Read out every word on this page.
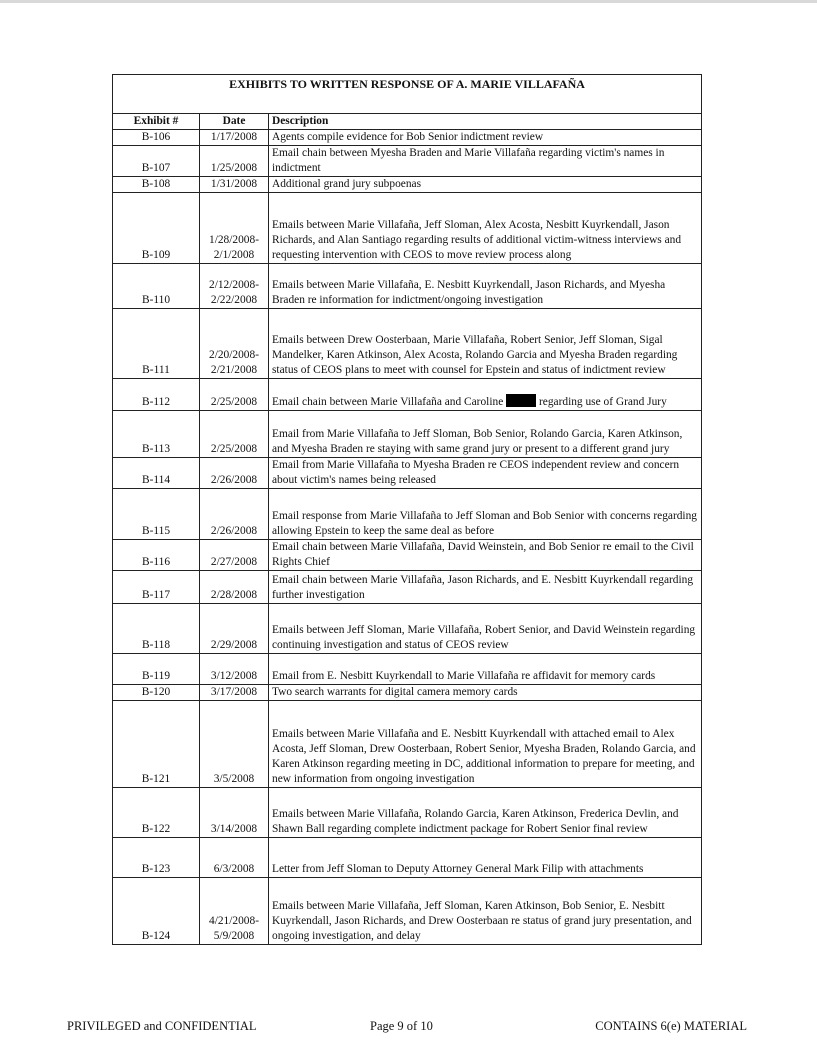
EXHIBITS TO WRITTEN RESPONSE OF A. MARIE VILLAFAÑA		
Exhibit #	Date	Description
B-106	1/17/2008	Agents compile evidence for Bob Senior indictment review
B-107	1/25/2008	Email chain between Myesha Braden and Marie Villafaña regarding victim's names in indictment
B-108	1/31/2008	Additional grand jury subpoenas
B-109	1/28/2008- 2/1/2008	Emails between Marie Villafaña, Jeff Sloman, Alex Acosta, Nesbitt Kuyrkendall, Jason Richards, and Alan Santiago regarding results of additional victim-witness interviews and requesting intervention with CEOS to move review process along
B-110	2/12/2008- 2/22/2008	Emails between Marie Villafaña, E. Nesbitt Kuyrkendall, Jason Richards, and Myesha Braden re information for indictment/ongoing investigation
B-111	2/20/2008- 2/21/2008	Emails between Drew Oosterbaan, Marie Villafaña, Robert Senior, Jeff Sloman, Sigal Mandelker, Karen Atkinson, Alex Acosta, Rolando Garcia and Myesha Braden regarding status of CEOS plans to meet with counsel for Epstein and status of indictment review
B-112	2/25/2008	Email chain between Marie Villafaña and Caroline regarding use of Grand Jury
B-113	2/25/2008	Email from Marie Villafaña to Jeff Sloman, Bob Senior, Rolando Garcia, Karen Atkinson, and Myesha Braden re staying with same grand jury or present to a different grand jury
B-114	2/26/2008	Email from Marie Villafaña to Myesha Braden re CEOS independent review and concern about victim's names being released
B-115	2/26/2008	Email response from Marie Villafaña to Jeff Sloman and Bob Senior with concerns regarding allowing Epstein to keep the same deal as before
B-116	2/27/2008	Email chain between Marie Villafaña, David Weinstein, and Bob Senior re email to the Civil Rights Chief
B-117	2/28/2008	Email chain between Marie Villafaña, Jason Richards, and E. Nesbitt Kuyrkendall regarding further investigation
B-118	2/29/2008	Emails between Jeff Sloman, Marie Villafaña, Robert Senior, and David Weinstein regarding continuing investigation and status of CEOS review
B-119	3/12/2008	Email from E. Nesbitt Kuyrkendall to Marie Villafaña re affidavit for memory cards
B-120	3/17/2008	Two search warrants for digital camera memory cards
B-121	3/5/2008	Emails between Marie Villafaña and E. Nesbitt Kuyrkendall with attached email to Alex Acosta, Jeff Sloman, Drew Oosterbaan, Robert Senior, Myesha Braden, Rolando Garcia, and Karen Atkinson regarding meeting in DC, additional information to prepare for meeting, and new information from ongoing investigation
B-122	3/14/2008	Emails between Marie Villafaña, Rolando Garcia, Karen Atkinson, Frederica Devlin, and Shawn Ball regarding complete indictment package for Robert Senior final review
B-123	6/3/2008	Letter from Jeff Sloman to Deputy Attorney General Mark Filip with attachments
B-124	4/21/2008- 5/9/2008	Emails between Marie Villafaña, Jeff Sloman, Karen Atkinson, Bob Senior, E. Nesbitt Kuyrkendall, Jason Richards, and Drew Oosterbaan re status of grand jury presentation, and ongoing investigation, and delay
PRIVILEGED and CONFIDENTIAL	Page 9 of 10	CONTAINS 6(e) MATERIAL
